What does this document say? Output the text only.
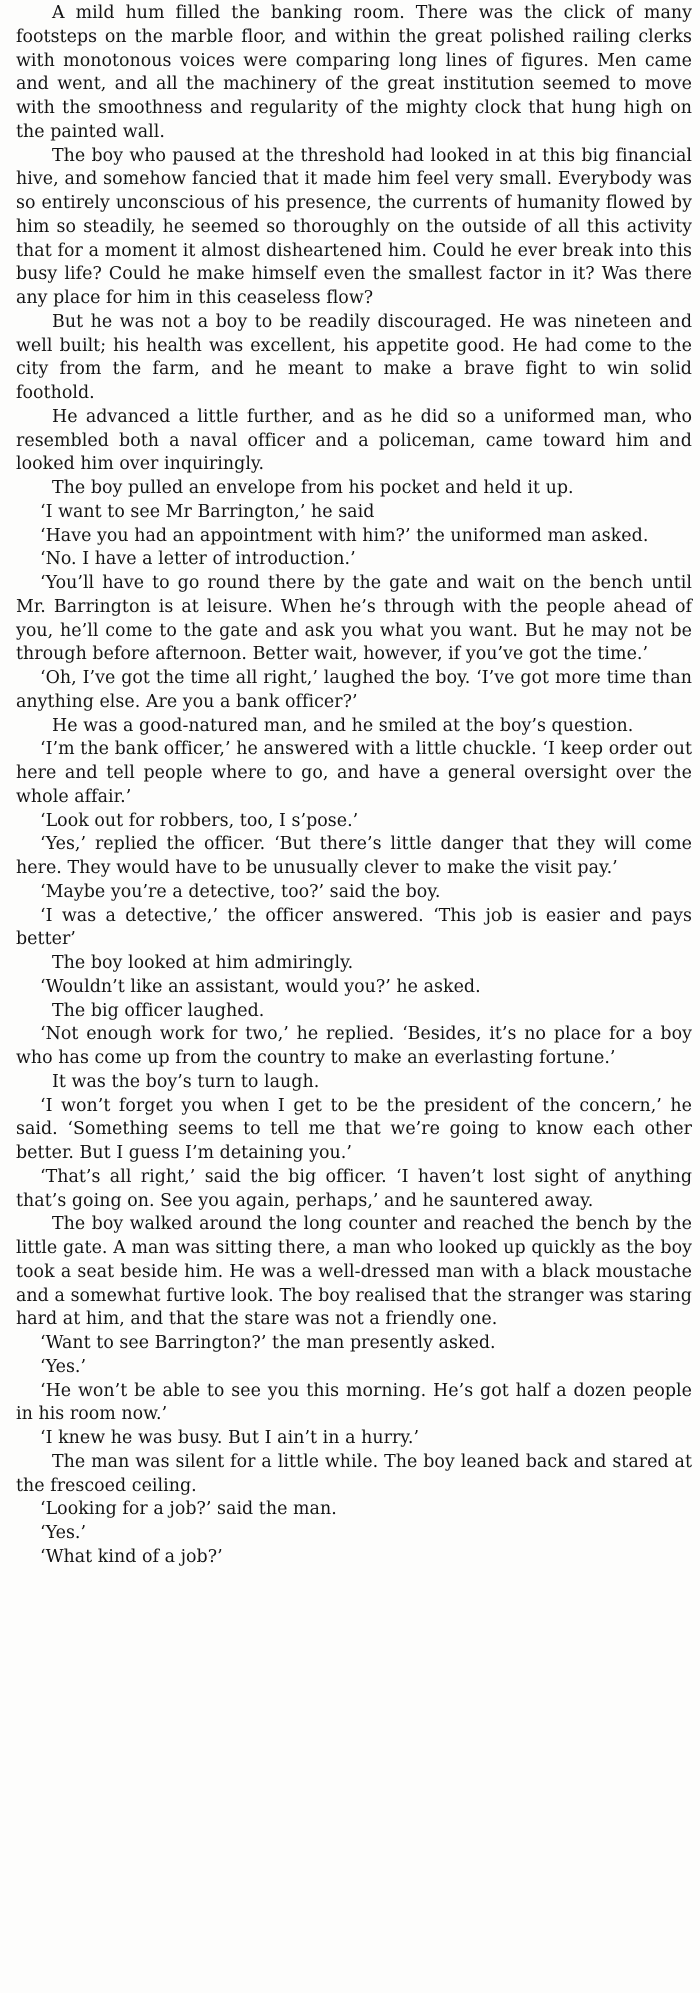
A mild hum filled the banking room. There was the click of many footsteps on the marble floor, and within the great polished railing clerks with monotonous voices were comparing long lines of figures. Men came and went, and all the machinery of the great institution seemed to move with the smoothness and regularity of the mighty clock that hung high on the painted wall.

The boy who paused at the threshold had looked in at this big financial hive, and somehow fancied that it made him feel very small. Everybody was so entirely unconscious of his presence, the currents of humanity flowed by him so steadily, he seemed so thoroughly on the outside of all this activity that for a moment it almost disheartened him. Could he ever break into this busy life? Could he make himself even the smallest factor in it? Was there any place for him in this ceaseless flow?

But he was not a boy to be readily discouraged. He was nineteen and well built; his health was excellent, his appetite good. He had come to the city from the farm, and he meant to make a brave fight to win solid foothold.

He advanced a little further, and as he did so a uniformed man, who resembled both a naval officer and a policeman, came toward him and looked him over inquiringly.

The boy pulled an envelope from his pocket and held it up.

‘I want to see Mr Barrington,’ he said

‘Have you had an appointment with him?’ the uniformed man asked.

‘No. I have a letter of introduction.’

‘You’ll have to go round there by the gate and wait on the bench until Mr. Barrington is at leisure. When he’s through with the people ahead of you, he’ll come to the gate and ask you what you want. But he may not be through before afternoon. Better wait, however, if you’ve got the time.’

‘Oh, I’ve got the time all right,’ laughed the boy. ‘I’ve got more time than anything else. Are you a bank officer?’

He was a good-natured man, and he smiled at the boy’s question.

‘I’m the bank officer,’ he answered with a little chuckle. ‘I keep order out here and tell people where to go, and have a general oversight over the whole affair.’

‘Look out for robbers, too, I s’pose.’

‘Yes,’ replied the officer. ‘But there’s little danger that they will come here. They would have to be unusually clever to make the visit pay.’

‘Maybe you’re a detective, too?’ said the boy.

‘I was a detective,’ the officer answered. ‘This job is easier and pays better’

The boy looked at him admiringly.

‘Wouldn’t like an assistant, would you?’ he asked.

The big officer laughed.

‘Not enough work for two,’ he replied. ‘Besides, it’s no place for a boy who has come up from the country to make an everlasting fortune.’

It was the boy’s turn to laugh.

‘I won’t forget you when I get to be the president of the concern,’ he said. ‘Something seems to tell me that we’re going to know each other better. But I guess I’m detaining you.’

‘That’s all right,’ said the big officer. ‘I haven’t lost sight of anything that’s going on. See you again, perhaps,’ and he sauntered away.

The boy walked around the long counter and reached the bench by the little gate. A man was sitting there, a man who looked up quickly as the boy took a seat beside him. He was a well-dressed man with a black moustache and a somewhat furtive look. The boy realised that the stranger was staring hard at him, and that the stare was not a friendly one.

‘Want to see Barrington?’ the man presently asked.

‘Yes.’

‘He won’t be able to see you this morning. He’s got half a dozen people in his room now.’

‘I knew he was busy. But I ain’t in a hurry.’

The man was silent for a little while. The boy leaned back and stared at the frescoed ceiling.

‘Looking for a job?’ said the man.

‘Yes.’

‘What kind of a job?’
